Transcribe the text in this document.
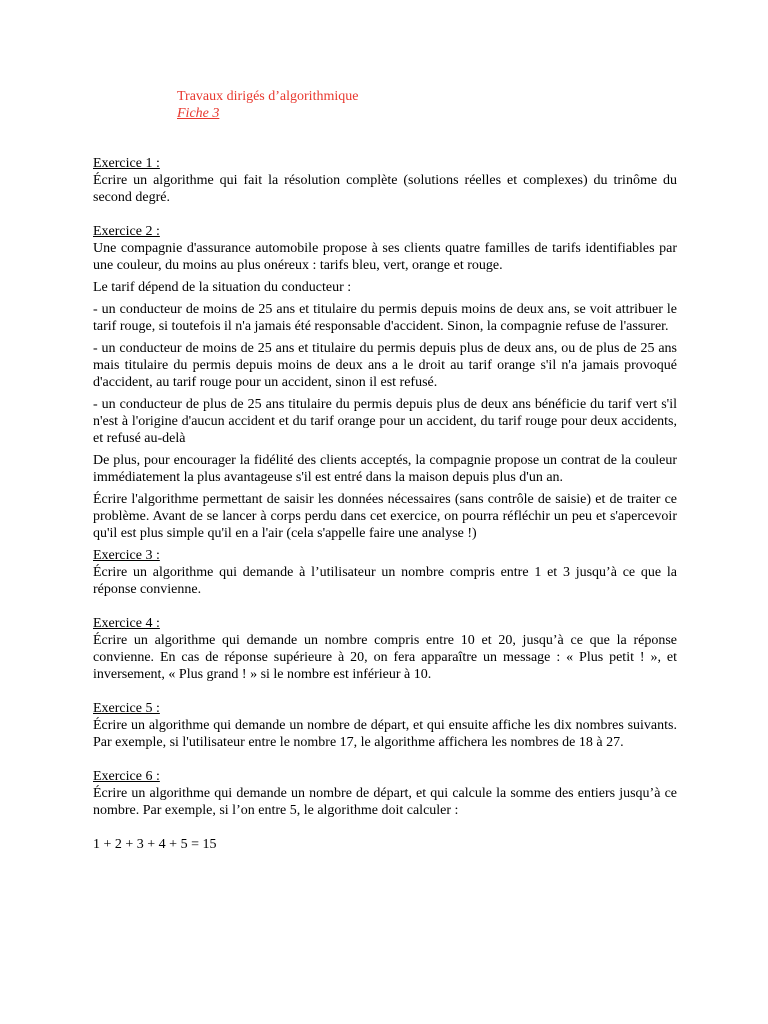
Travaux dirigés d’algorithmique
Fiche 3
Exercice 1 :

Écrire un algorithme qui fait la résolution complète (solutions réelles et complexes) du trinôme du second degré.

Exercice 2 :

Une compagnie d'assurance automobile propose à ses clients quatre familles de tarifs identifiables par une couleur, du moins au plus onéreux : tarifs bleu, vert, orange et rouge.

Le tarif dépend de la situation du conducteur :

- un conducteur de moins de 25 ans et titulaire du permis depuis moins de deux ans, se voit attribuer le tarif rouge, si toutefois il n'a jamais été responsable d'accident. Sinon, la compagnie refuse de l'assurer.

- un conducteur de moins de 25 ans et titulaire du permis depuis plus de deux ans, ou de plus de 25 ans mais titulaire du permis depuis moins de deux ans a le droit au tarif orange s'il n'a jamais provoqué d'accident, au tarif rouge pour un accident, sinon il est refusé.

- un conducteur de plus de 25 ans titulaire du permis depuis plus de deux ans bénéficie du tarif vert s'il n'est à l'origine d'aucun accident et du tarif orange pour un accident, du tarif rouge pour deux accidents, et refusé au-delà

De plus, pour encourager la fidélité des clients acceptés, la compagnie propose un contrat de la couleur immédiatement la plus avantageuse s'il est entré dans la maison depuis plus d'un an.

Écrire l'algorithme permettant de saisir les données nécessaires (sans contrôle de saisie) et de traiter ce problème. Avant de se lancer à corps perdu dans cet exercice, on pourra réfléchir un peu et s'apercevoir qu'il est plus simple qu'il en a l'air (cela s'appelle faire une analyse !)

Exercice 3 :

Écrire un algorithme qui demande à l’utilisateur un nombre compris entre 1 et 3 jusqu’à ce que la réponse convienne.

Exercice 4 :

Écrire un algorithme qui demande un nombre compris entre 10 et 20, jusqu’à ce que la réponse convienne. En cas de réponse supérieure à 20, on fera apparaître un message : « Plus petit ! », et inversement, « Plus grand ! » si le nombre est inférieur à 10.

Exercice 5 :

Écrire un algorithme qui demande un nombre de départ, et qui ensuite affiche les dix nombres suivants. Par exemple, si l'utilisateur entre le nombre 17, le algorithme affichera les nombres de 18 à 27.

Exercice 6 :

Écrire un algorithme qui demande un nombre de départ, et qui calcule la somme des entiers jusqu’à ce nombre. Par exemple, si l’on entre 5, le algorithme doit calculer :

1 + 2 + 3 + 4 + 5 = 15
